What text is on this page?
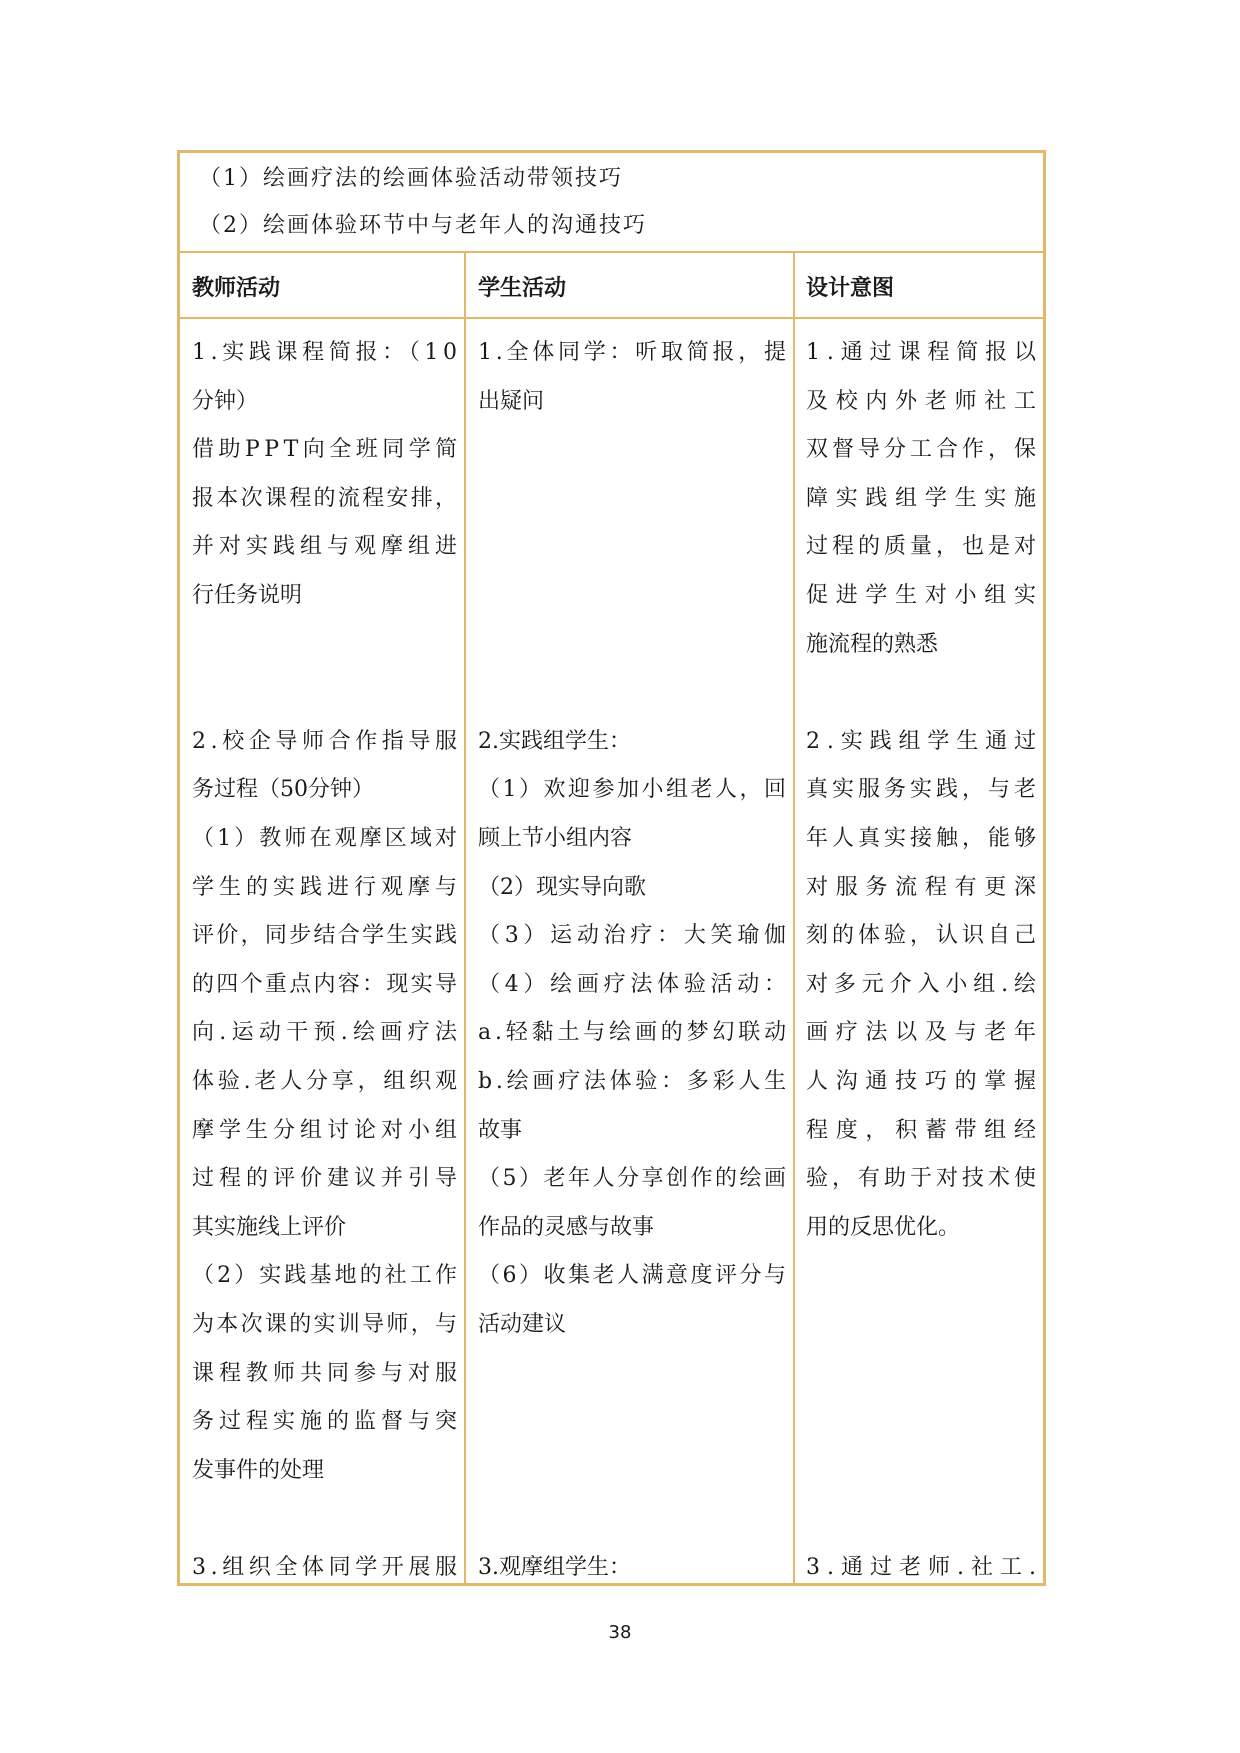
（1）绘画疗法的绘画体验活动带领技巧
（2）绘画体验环节中与老年人的沟通技巧
教师活动	学生活动	设计意图
1.实践课程简报：（10
分钟）
借助PPT向全班同学简
报本次课程的流程安排，
并对实践组与观摩组进
行任务说明
2.校企导师合作指导服
务过程（50分钟）
（1）教师在观摩区域对
学生的实践进行观摩与
评价，同步结合学生实践
的四个重点内容：现实导
向.运动干预.绘画疗法
体验.老人分享，组织观
摩学生分组讨论对小组
过程的评价建议并引导
其实施线上评价
（2）实践基地的社工作
为本次课的实训导师，与
课程教师共同参与对服
务过程实施的监督与突
发事件的处理
3.组织全体同学开展服
1.全体同学：听取简报，提
出疑问
2.实践组学生：
（1）欢迎参加小组老人，回
顾上节小组内容
（2）现实导向歌
（3）运动治疗：大笑瑜伽
（4）绘画疗法体验活动：
a.轻黏土与绘画的梦幻联动
b.绘画疗法体验：多彩人生
故事
（5）老年人分享创作的绘画
作品的灵感与故事
（6）收集老人满意度评分与
活动建议
3.观摩组学生：
1.通过课程简报以
及校内外老师社工
双督导分工合作，保
障实践组学生实施
过程的质量，也是对
促进学生对小组实
施流程的熟悉
2.实践组学生通过
真实服务实践，与老
年人真实接触，能够
对服务流程有更深
刻的体验，认识自己
对多元介入小组.绘
画疗法以及与老年
人沟通技巧的掌握
程度，积蓄带组经
验，有助于对技术使
用的反思优化。
3.通过老师.社工.
38
